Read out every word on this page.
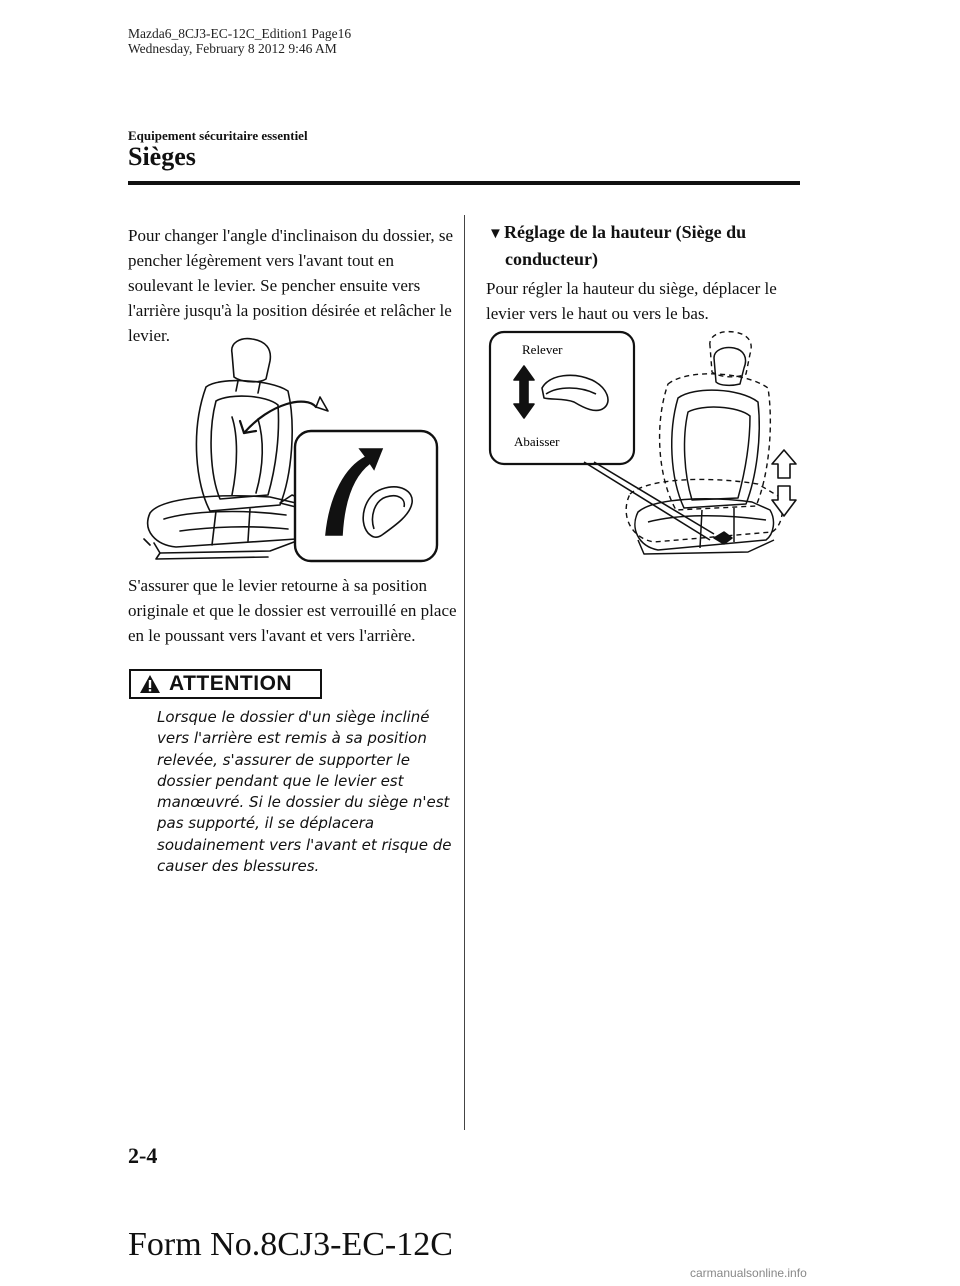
Mazda6_8CJ3-EC-12C_Edition1 Page16
Wednesday, February 8 2012 9:46 AM
Equipement sécuritaire essentiel
Sièges

Pour changer l'angle d'inclinaison du dossier, se pencher légèrement vers l'avant tout en soulevant le levier. Se pencher ensuite vers l'arrière jusqu'à la position désirée et relâcher le levier.

S'assurer que le levier retourne à sa position originale et que le dossier est verrouillé en place en le poussant vers l'avant et vers l'arrière.

ATTENTION

Lorsque le dossier d'un siège incliné vers l'arrière est remis à sa position relevée, s'assurer de supporter le dossier pendant que le levier est manœuvré. Si le dossier du siège n'est pas supporté, il se déplacera soudainement vers l'avant et risque de causer des blessures.

▼Réglage de la hauteur (Siège du
conducteur)

Pour régler la hauteur du siège, déplacer le levier vers le haut ou vers le bas.

Relever
Abaisser
2-4
Form No.8CJ3-EC-12C
carmanualsonline.info
